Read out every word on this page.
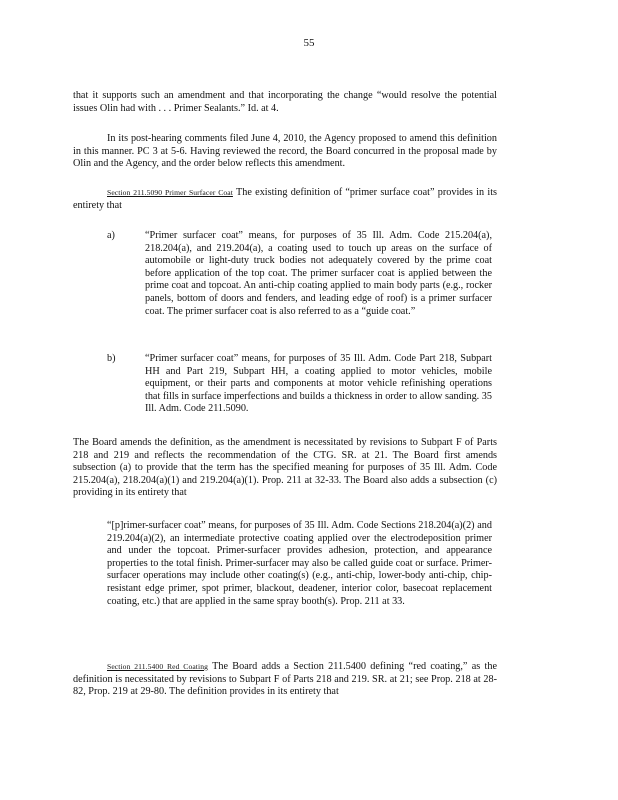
55

that it supports such an amendment and that incorporating the change “would resolve the potential issues Olin had with . . . Primer Sealants.” Id. at 4.

In its post-hearing comments filed June 4, 2010, the Agency proposed to amend this definition in this manner. PC 3 at 5-6. Having reviewed the record, the Board concurred in the proposal made by Olin and the Agency, and the order below reflects this amendment.

Section 211.5090 Primer Surfacer Coat The existing definition of “primer surface coat” provides in its entirety that

a)	“Primer surfacer coat” means, for purposes of 35 Ill. Adm. Code 215.204(a), 218.204(a), and 219.204(a), a coating used to touch up areas on the surface of automobile or light-duty truck bodies not adequately covered by the prime coat before application of the top coat. The primer surfacer coat is applied between the prime coat and topcoat. An anti-chip coating applied to main body parts (e.g., rocker panels, bottom of doors and fenders, and leading edge of roof) is a primer surfacer coat. The primer surfacer coat is also referred to as a “guide coat.”
b)	“Primer surfacer coat” means, for purposes of 35 Ill. Adm. Code Part 218, Subpart HH and Part 219, Subpart HH, a coating applied to motor vehicles, mobile equipment, or their parts and components at motor vehicle refinishing operations that fills in surface imperfections and builds a thickness in order to allow sanding. 35 Ill. Adm. Code 211.5090.

The Board amends the definition, as the amendment is necessitated by revisions to Subpart F of Parts 218 and 219 and reflects the recommendation of the CTG. SR. at 21. The Board first amends subsection (a) to provide that the term has the specified meaning for purposes of 35 Ill. Adm. Code 215.204(a), 218.204(a)(1) and 219.204(a)(1). Prop. 211 at 32-33. The Board also adds a subsection (c) providing in its entirety that

“[p]rimer-surfacer coat” means, for purposes of 35 Ill. Adm. Code Sections 218.204(a)(2) and 219.204(a)(2), an intermediate protective coating applied over the electrodeposition primer and under the topcoat. Primer-surfacer provides adhesion, protection, and appearance properties to the total finish. Primer-surfacer may also be called guide coat or surface. Primer-surfacer operations may include other coating(s) (e.g., anti-chip, lower-body anti-chip, chip-resistant edge primer, spot primer, blackout, deadener, interior color, basecoat replacement coating, etc.) that are applied in the same spray booth(s). Prop. 211 at 33.

Section 211.5400 Red Coating The Board adds a Section 211.5400 defining “red coating,” as the definition is necessitated by revisions to Subpart F of Parts 218 and 219. SR. at 21; see Prop. 218 at 28-82, Prop. 219 at 29-80. The definition provides in its entirety that
